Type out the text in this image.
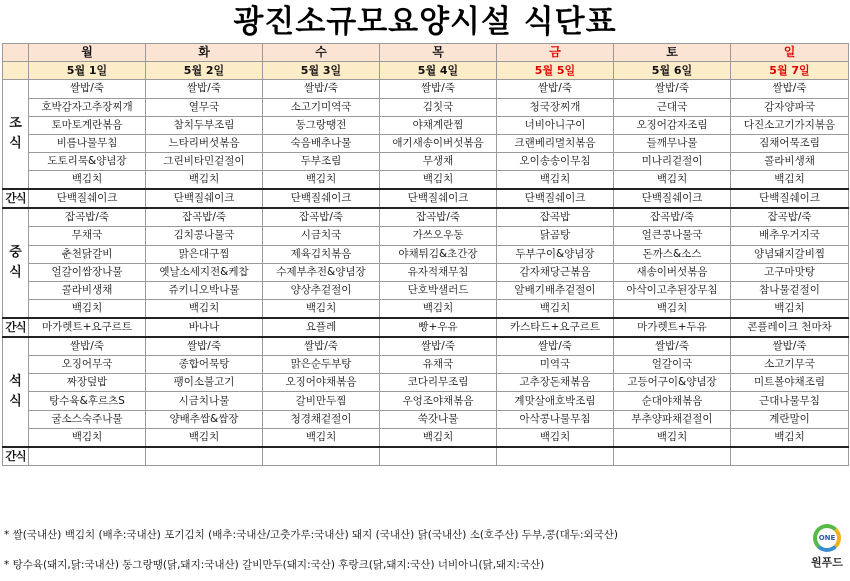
광진소규모요양시설 식단표
	월	화	수	목	금	토	일
	5월 1일	5월 2일	5월 3일	5월 4일	5월 5일	5월 6일	5월 7일

조
식	쌀밥/죽	쌀밥/죽	쌀밥/죽	쌀밥/죽	쌀밥/죽	쌀밥/죽	쌀밥/죽
	호박감자고추장찌개	열무국	소고기미역국	김칫국	청국장찌개	근대국	감자양파국
	토마토계란볶음	참치두부조림	동그랑땡전	야채계란찜	너비아니구이	오징어감자조림	다진소고기가지볶음
	비름나물무침	느타리버섯볶음	숙음배추나물	애기새송이버섯볶음	크랜베리멸치볶음	들깨무나물	짐채어묵조림
	도토리묵&양념장	그린비타민겉절이	두부조림	무생채	오이송송이무침	미나리겉절이	콜라비생채
	백김치	백김치	백김치	백김치	백김치	백김치	백김치
간식	단백질쉐이크	단백질쉐이크	단백질쉐이크	단백질쉐이크	단백질쉐이크	단백질쉐이크	단백질쉐이크

중
식	잡곡밥/죽	잡곡밥/죽	잡곡밥/죽	잡곡밥/죽	잡곡밥	잡곡밥/죽	잡곡밥/죽
	무채국	김치콩나물국	시금치국	가쓰오우동	닭곰탕	얼큰콩나물국	배추우거지국
	춘천닭갈비	맑은대구찜	제육김치볶음	야채튀김&초간장	두부구이&양념장	돈까스&소스	양념돼지갈비찜
	얼갈이쌈장나물	옛날소세지전&케찹	수제부추전&양념장	유자적채무침	감자채당근볶음	새송이버섯볶음	고구마맛탕
	콜라비생채	쥬키니오박나물	양상추겉절이	단호박샐러드	알배기배추겉절이	아삭이고추된장무침	참나물겉절이
	백김치	백김치	백김치	백김치	백김치	백김치	백김치
간식	마가렛트+요구르트	바나나	요플레	빵+우유	카스타드+요구르트	마가렛트+두유	콘플레이크 천마차

석
식	쌀밥/죽	쌀밥/죽	쌀밥/죽	쌀밥/죽	쌀밥/죽	쌀밥/죽	쌀밥/죽
	오징어무국	종합어묵탕	맑은순두부탕	유채국	미역국	얼갈이국	소고기무국
	짜장덮밥	팽이소불고기	오징어야채볶음	코다리무조림	고추장돈채볶음	고등어구이&양념장	미트볼야채조림
	탕수육&후르츠S	시금치나물	갈비만두찜	우엉조야채볶음	계맛살애호박조림	순대야채볶음	근대나물무침
	굴소스숙주나물	양배추쌈&쌈장	청경채겉절이	쑥갓나물	아삭콩나물무침	부추양파채겉절이	계란말이
	백김치	백김치	백김치	백김치	백김치	백김치	백김치
간식							
* 쌀(국내산) 백김치 (배추:국내산) 포기김치 (배추:국내산/고춧가루:국내산) 돼지 (국내산) 닭(국내산) 소(호주산) 두부,콩(대두:외국산)
* 탕수육(돼지,닭:국내산) 동그랑땡(닭,돼지:국내산) 갈비만두(돼지:국산) 후랑크(닭,돼지:국산) 너비아니(닭,돼지:국산)
ONE
원푸드
